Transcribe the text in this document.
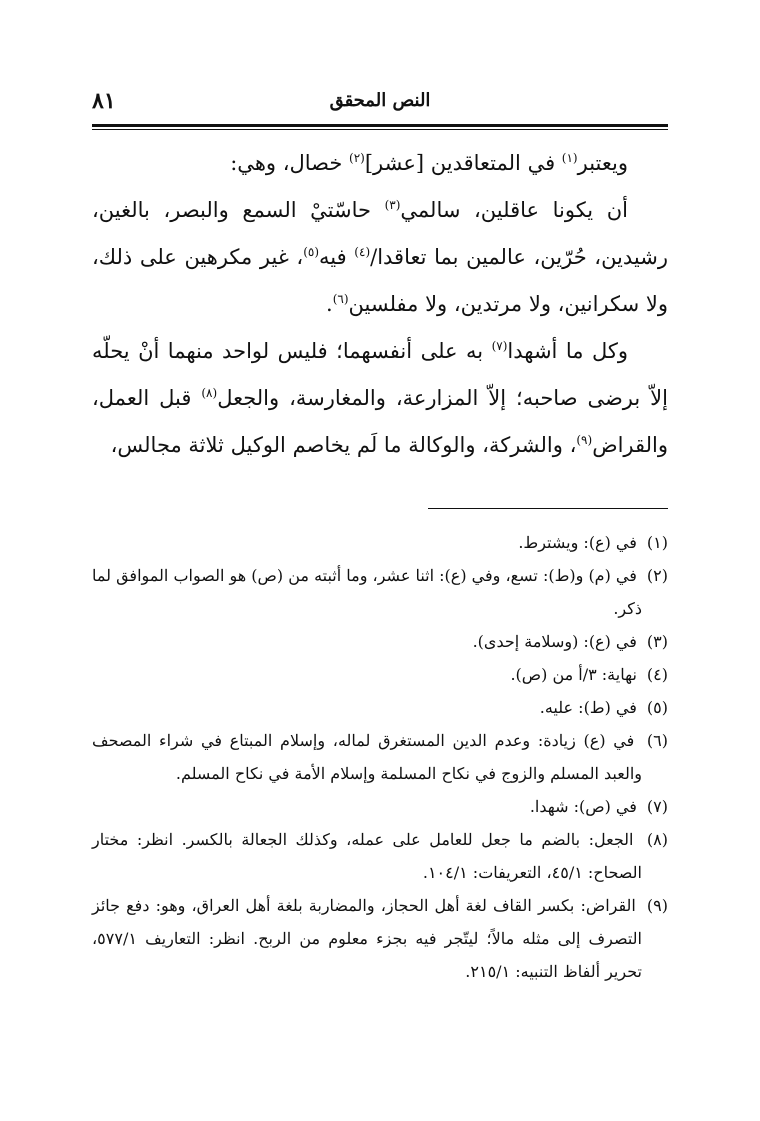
٨١	النص المحقق

ويعتبر$^{(١)}$ في المتعاقدين [عشر]$^{(٢)}$ خصال، وهي:

أن يكونا عاقلين، سالمي$^{(٣)}$ حاسّتيْ السمع والبصر، بالغين، رشيدين، حُرّين، عالمين بما تعاقدا/$^{(٤)}$ فيه$^{(٥)}$، غير مكرهين على ذلك، ولا سكرانين، ولا مرتدين، ولا مفلسين$^{(٦)}$.

وكل ما أشهدا$^{(٧)}$ به على أنفسهما؛ فليس لواحد منهما أنْ يحلّه إلاّ برضى صاحبه؛ إلاّ المزارعة، والمغارسة، والجعل$^{(٨)}$ قبل العمل، والقراض$^{(٩)}$، والشركة، والوكالة ما لَم يخاصم الوكيل ثلاثة مجالس،

(١) في (ع): ويشترط.

(٢) في (م) و(ط): تسع، وفي (ع): اثنا عشر، وما أثبته من (ص) هو الصواب الموافق لما ذكر.

(٣) في (ع): (وسلامة إحدى).

(٤) نهاية: ٣/أ من (ص).

(٥) في (ط): عليه.

(٦) في (ع) زيادة: وعدم الدين المستغرق لماله، وإسلام المبتاع في شراء المصحف والعبد المسلم والزوج في نكاح المسلمة وإسلام الأمة في نكاح المسلم.

(٧) في (ص): شهدا.

(٨) الجعل: بالضم ما جعل للعامل على عمله، وكذلك الجعالة بالكسر. انظر: مختار الصحاح: ٤٥/١، التعريفات: ١٠٤/١.

(٩) القراض: بكسر القاف لغة أهل الحجاز، والمضاربة بلغة أهل العراق، وهو: دفع جائز التصرف إلى مثله مالاً؛ ليتّجر فيه بجزء معلوم من الربح. انظر: التعاريف ٥٧٧/١، تحرير ألفاظ التنبيه: ٢١٥/١.
